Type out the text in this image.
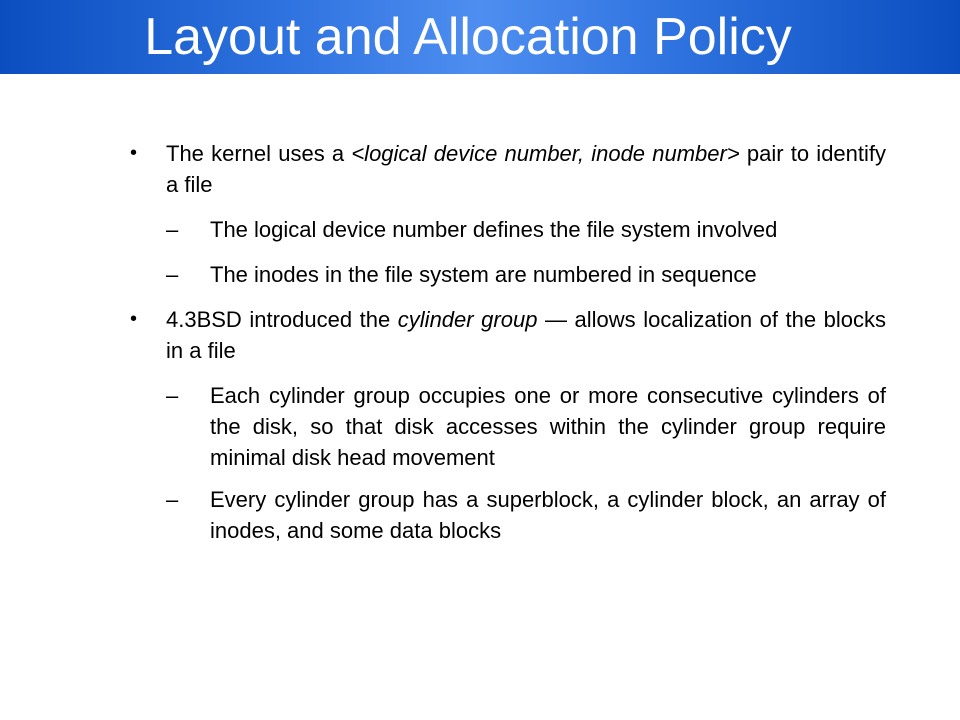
Layout and Allocation Policy
• The kernel uses a <logical device number, inode number> pair to identify a file
– The logical device number defines the file system involved
– The inodes in the file system are numbered in sequence
• 4.3BSD introduced the cylinder group — allows localization of the blocks in a file
– Each cylinder group occupies one or more consecutive cylinders of the disk, so that disk accesses within the cylinder group require minimal disk head movement
– Every cylinder group has a superblock, a cylinder block, an array of inodes, and some data blocks
